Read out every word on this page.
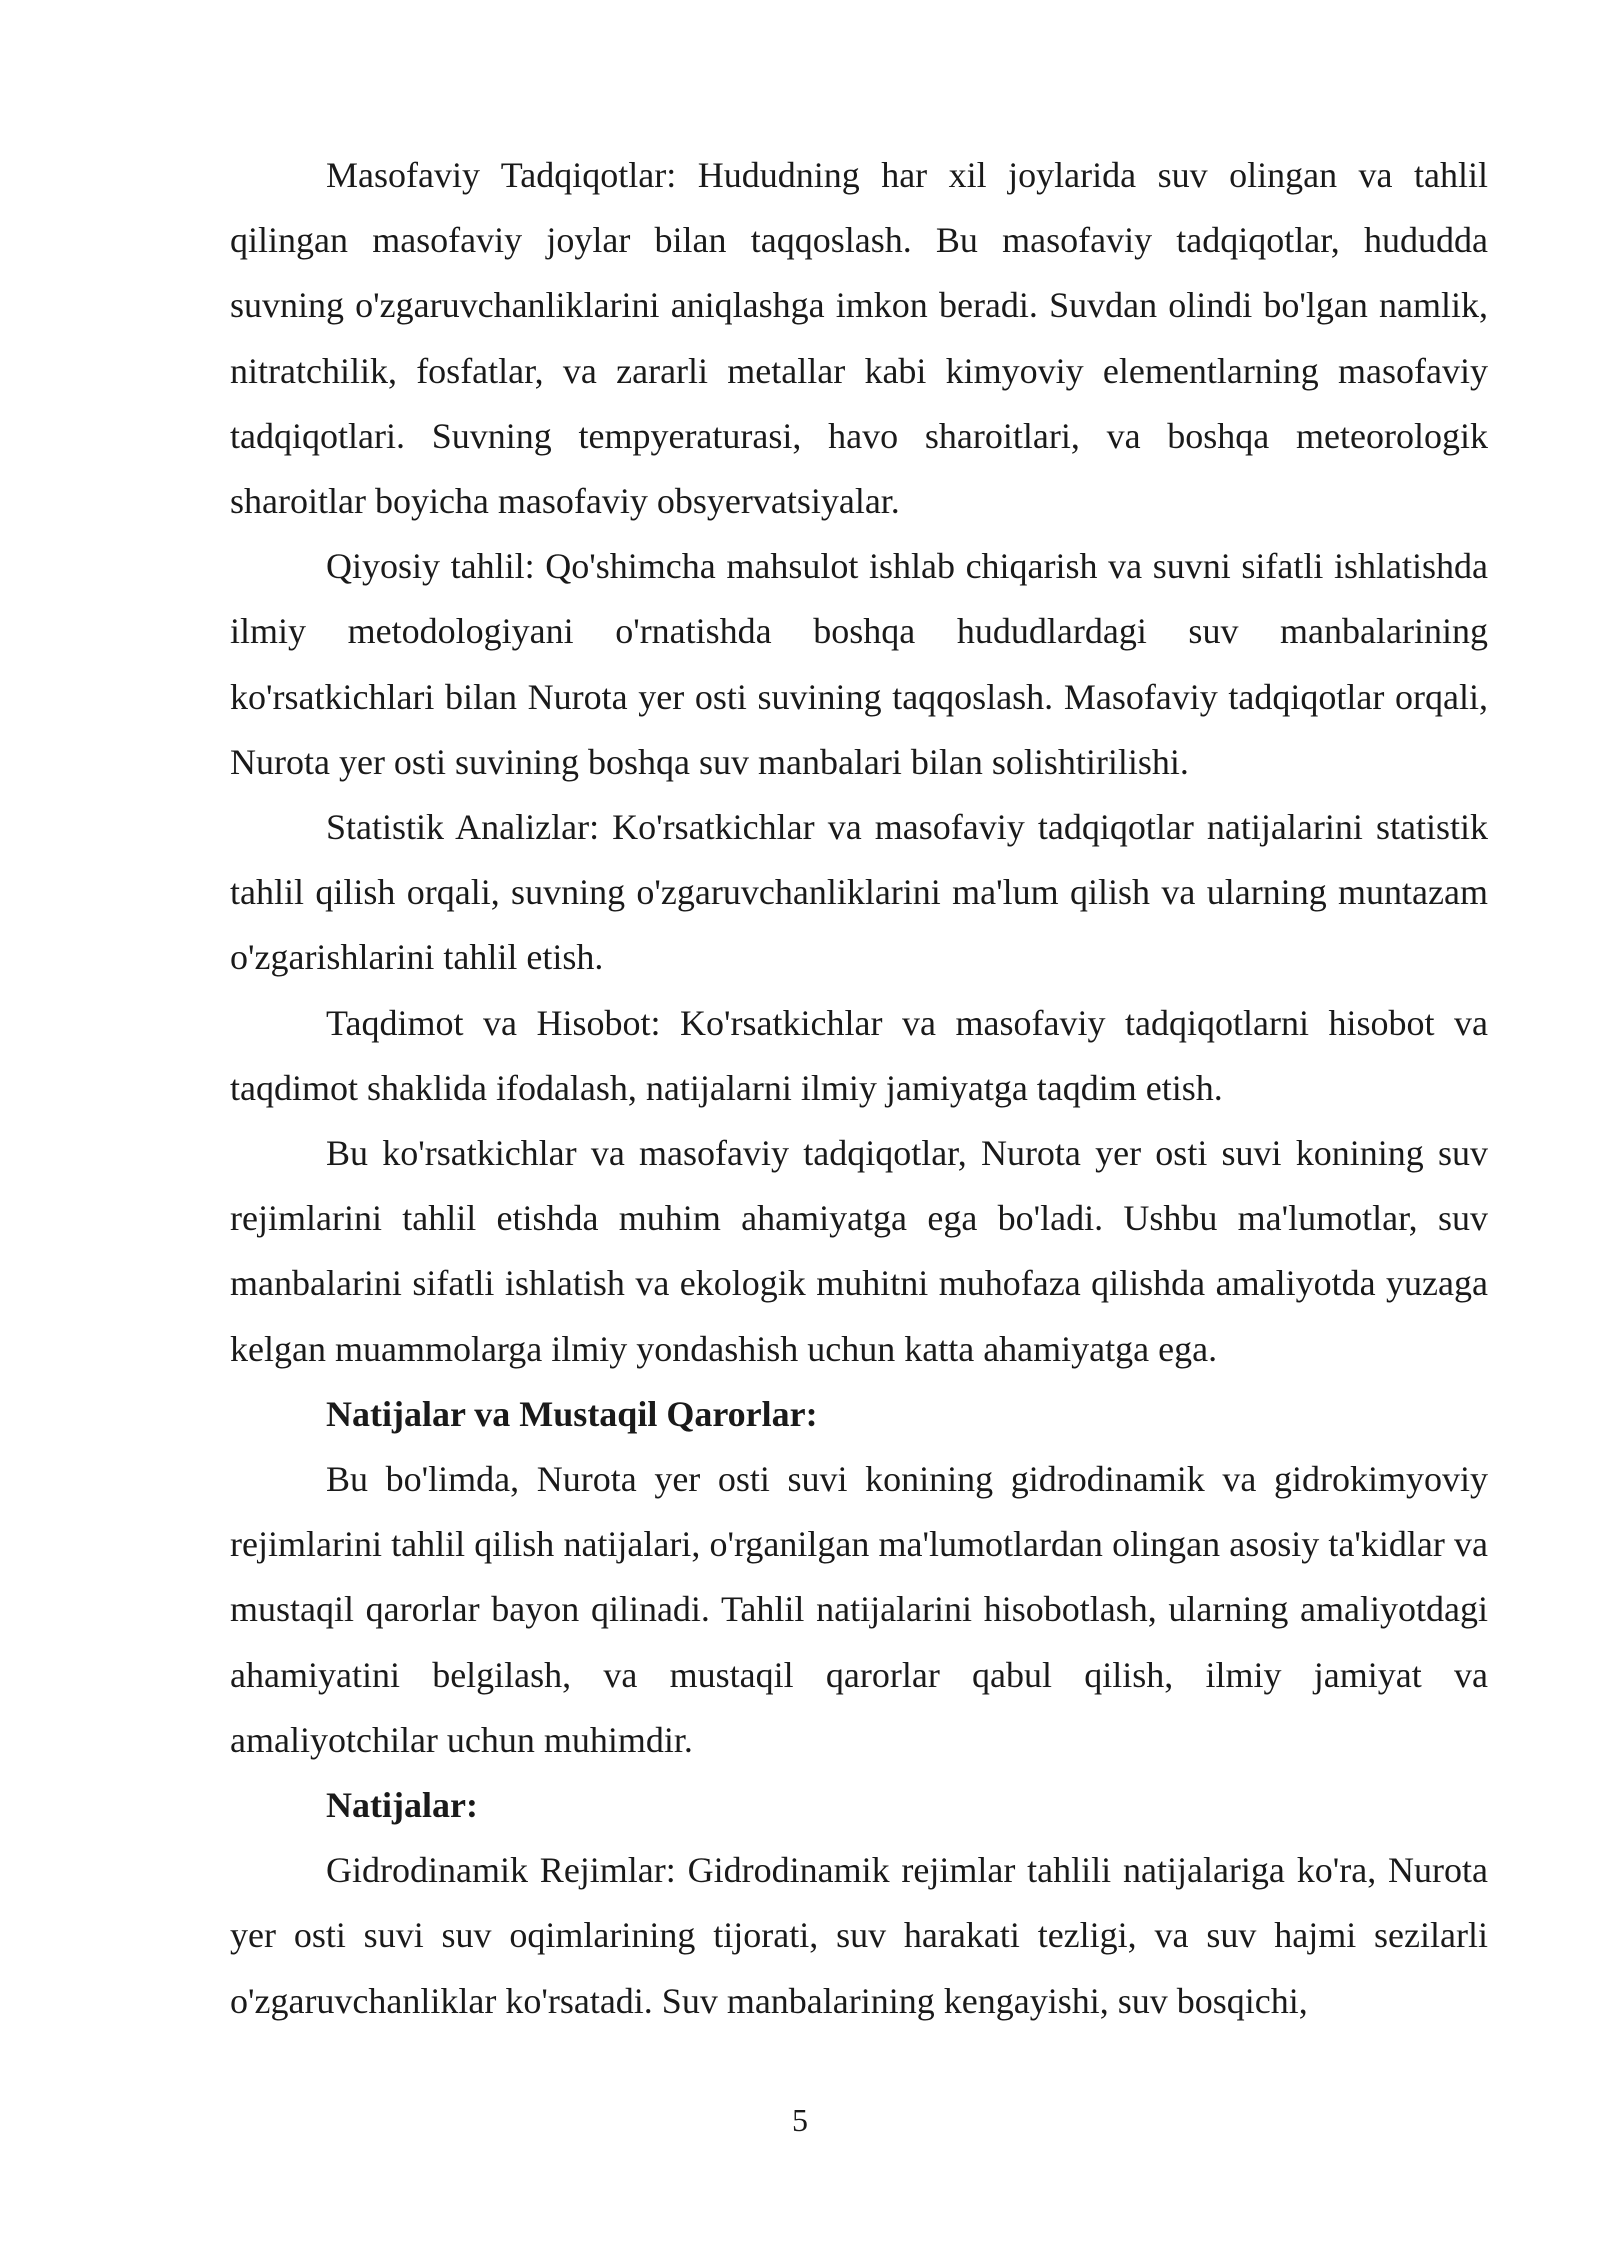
Masofaviy Tadqiqotlar: Hududning har xil joylarida suv olingan va tahlil qilingan masofaviy joylar bilan taqqoslash. Bu masofaviy tadqiqotlar, hududda suvning o'zgaruvchanliklarini aniqlashga imkon beradi. Suvdan olindi bo'lgan namlik, nitratchilik, fosfatlar, va zararli metallar kabi kimyoviy elementlarning masofaviy tadqiqotlari. Suvning tempyeraturasi, havo sharoitlari, va boshqa meteorologik sharoitlar boyicha masofaviy obsyervatsiyalar.

Qiyosiy tahlil: Qo'shimcha mahsulot ishlab chiqarish va suvni sifatli ishlatishda ilmiy metodologiyani o'rnatishda boshqa hududlardagi suv manbalarining ko'rsatkichlari bilan Nurota yer osti suvining taqqoslash. Masofaviy tadqiqotlar orqali, Nurota yer osti suvining boshqa suv manbalari bilan solishtirilishi.

Statistik Analizlar: Ko'rsatkichlar va masofaviy tadqiqotlar natijalarini statistik tahlil qilish orqali, suvning o'zgaruvchanliklarini ma'lum qilish va ularning muntazam o'zgarishlarini tahlil etish.

Taqdimot va Hisobot: Ko'rsatkichlar va masofaviy tadqiqotlarni hisobot va taqdimot shaklida ifodalash, natijalarni ilmiy jamiyatga taqdim etish.

Bu ko'rsatkichlar va masofaviy tadqiqotlar, Nurota yer osti suvi konining suv rejimlarini tahlil etishda muhim ahamiyatga ega bo'ladi. Ushbu ma'lumotlar, suv manbalarini sifatli ishlatish va ekologik muhitni muhofaza qilishda amaliyotda yuzaga kelgan muammolarga ilmiy yondashish uchun katta ahamiyatga ega.

Natijalar va Mustaqil Qarorlar:

Bu bo'limda, Nurota yer osti suvi konining gidrodinamik va gidrokimyoviy rejimlarini tahlil qilish natijalari, o'rganilgan ma'lumotlardan olingan asosiy ta'kidlar va mustaqil qarorlar bayon qilinadi. Tahlil natijalarini hisobotlash, ularning amaliyotdagi ahamiyatini belgilash, va mustaqil qarorlar qabul qilish, ilmiy jamiyat va amaliyotchilar uchun muhimdir.

Natijalar:

Gidrodinamik Rejimlar: Gidrodinamik rejimlar tahlili natijalariga ko'ra, Nurota yer osti suvi suv oqimlarining tijorati, suv harakati tezligi, va suv hajmi sezilarli o'zgaruvchanliklar ko'rsatadi. Suv manbalarining kengayishi, suv bosqichi,

5
